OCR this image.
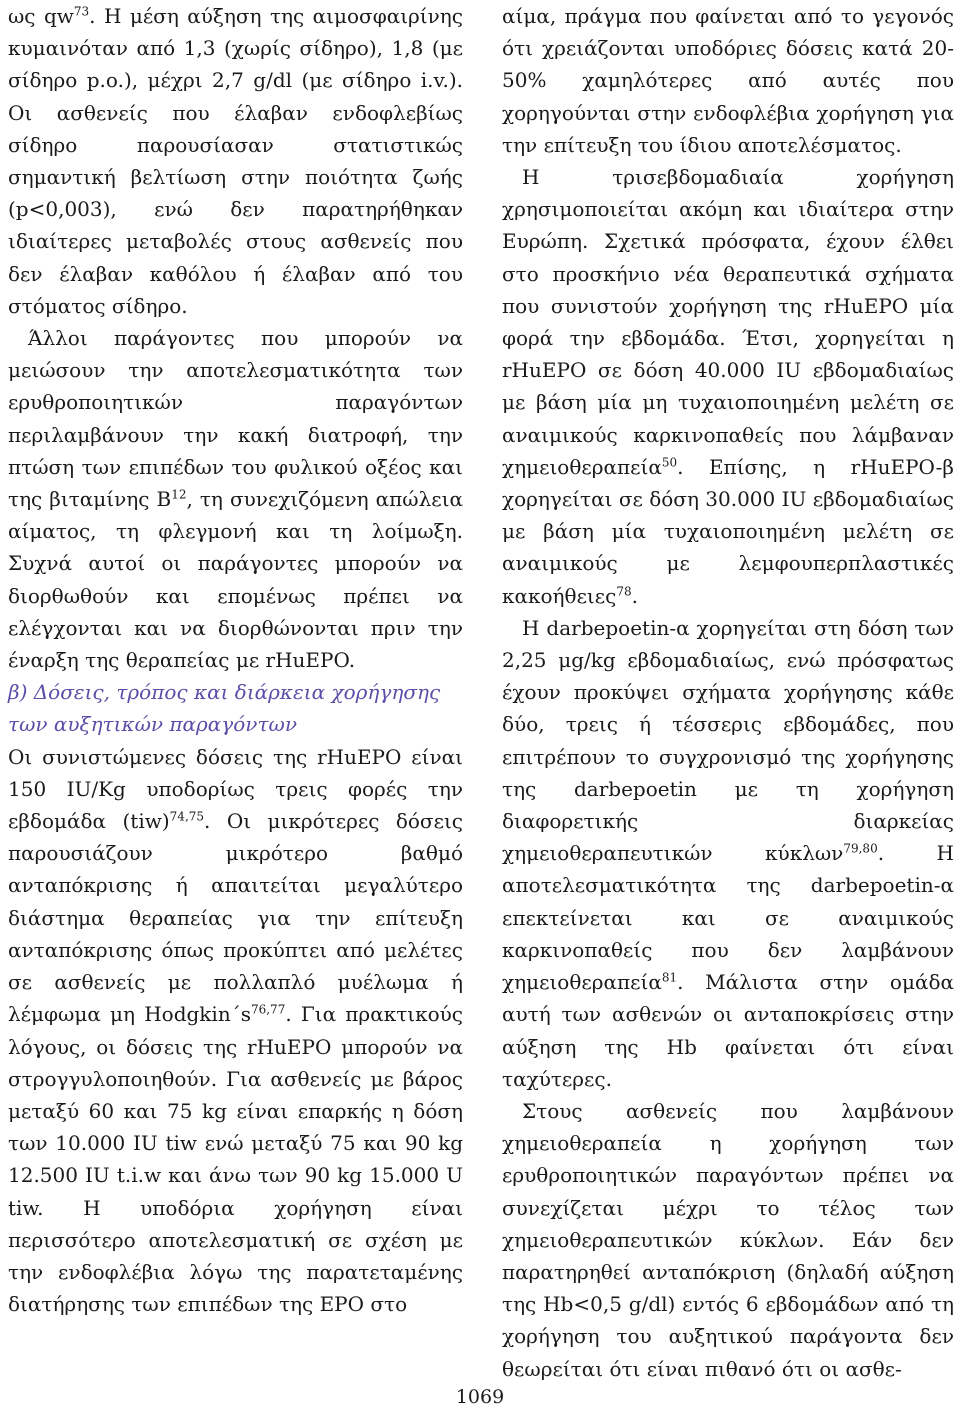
ως $qw^{73}$. Η μέση αύξηση της αιμοσφαιρίνης κυμαινόταν από 1,3 (χωρίς σίδηρο), 1,8 (με σίδηρο p.o.), μέχρι 2,7 g/dl (με σίδηρο i.v.). Οι ασθενείς που έλαβαν ενδοφλεβίως σίδηρο παρουσίασαν στατιστικώς σημαντική βελτίωση στην ποιότητα ζωής (p<0,003), ενώ δεν παρατηρήθηκαν ιδιαίτερες μεταβολές στους ασθενείς που δεν έλαβαν καθόλου ή έλαβαν από του στόματος σίδηρο.

Άλλοι παράγοντες που μπορούν να μειώσουν την αποτελεσματικότητα των ερυθροποιητικών παραγόντων περιλαμβάνουν την κακή διατροφή, την πτώση των επιπέδων του φυλικού οξέος και της βιταμίνης $B^{12}$, τη συνεχιζόμενη απώλεια αίματος, τη φλεγμονή και τη λοίμωξη. Συχνά αυτοί οι παράγοντες μπορούν να διορθωθούν και επομένως πρέπει να ελέγχονται και να διορθώνονται πριν την έναρξη της θεραπείας με rHuEPO.

β) Δόσεις, τρόπος και διάρκεια χορήγησης των αυξητικών παραγόντων

Οι συνιστώμενες δόσεις της rHuEPO είναι 150 IU/Kg υποδορίως τρεις φορές την εβδομάδα (tiw)$^{74,75}$. Οι μικρότερες δόσεις παρουσιάζουν μικρότερο βαθμό ανταπόκρισης ή απαιτείται μεγαλύτερο διάστημα θεραπείας για την επίτευξη ανταπόκρισης όπως προκύπτει από μελέτες σε ασθενείς με πολλαπλό μυέλωμα ή λέμφωμα μη $Hodgkin΄s^{76,77}$. Για πρακτικούς λόγους, οι δόσεις της rHuEPO μπορούν να στρογγυλοποιηθούν. Για ασθενείς με βάρος μεταξύ 60 και 75 kg είναι επαρκής η δόση των 10.000 IU tiw ενώ μεταξύ 75 και 90 kg 12.500 IU t.i.w και άνω των 90 kg 15.000 U tiw. Η υποδόρια χορήγηση είναι περισσότερο αποτελεσματική σε σχέση με την ενδοφλέβια λόγω της παρατεταμένης διατήρησης των επιπέδων της EPO στο

αίμα, πράγμα που φαίνεται από το γεγονός ότι χρειάζονται υποδόριες δόσεις κατά 20-50% χαμηλότερες από αυτές που χορηγούνται στην ενδοφλέβια χορήγηση για την επίτευξη του ίδιου αποτελέσματος.

Η τρισεβδομαδιαία χορήγηση χρησιμοποιείται ακόμη και ιδιαίτερα στην Ευρώπη. Σχετικά πρόσφατα, έχουν έλθει στο προσκήνιο νέα θεραπευτικά σχήματα που συνιστούν χορήγηση της rHuEPO μία φορά την εβδομάδα. Έτσι, χορηγείται η rHuEPO σε δόση 40.000 IU εβδομαδιαίως με βάση μία μη τυχαιοποιημένη μελέτη σε αναιμικούς καρκινοπαθείς που λάμβαναν χημειοθεραπεία$^{50}$. Επίσης, η rHuEPO-β χορηγείται σε δόση 30.000 IU εβδομαδιαίως με βάση μία τυχαιοποιημένη μελέτη σε αναιμικούς με λεμφουπερπλαστικές κακοήθειες$^{78}$.

Η darbepoetin-α χορηγείται στη δόση των 2,25 μg/kg εβδομαδιαίως, ενώ πρόσφατως έχουν προκύψει σχήματα χορήγησης κάθε δύο, τρεις ή τέσσερις εβδομάδες, που επιτρέπουν το συγχρονισμό της χορήγησης της darbepoetin με τη χορήγηση διαφορετικής διαρκείας χημειοθεραπευτικών κύκλων$^{79,80}$. Η αποτελεσματικότητα της darbepoetin-α επεκτείνεται και σε αναιμικούς καρκινοπαθείς που δεν λαμβάνουν χημειοθεραπεία$^{81}$. Μάλιστα στην ομάδα αυτή των ασθενών οι ανταποκρίσεις στην αύξηση της Hb φαίνεται ότι είναι ταχύτερες.

Στους ασθενείς που λαμβάνουν χημειοθεραπεία η χορήγηση των ερυθροποιητικών παραγόντων πρέπει να συνεχίζεται μέχρι το τέλος των χημειοθεραπευτικών κύκλων. Εάν δεν παρατηρηθεί ανταπόκριση (δηλαδή αύξηση της Hb<0,5 g/dl) εντός 6 εβδομάδων από τη χορήγηση του αυξητικού παράγοντα δεν θεωρείται ότι είναι πιθανό ότι οι ασθε-

1069
